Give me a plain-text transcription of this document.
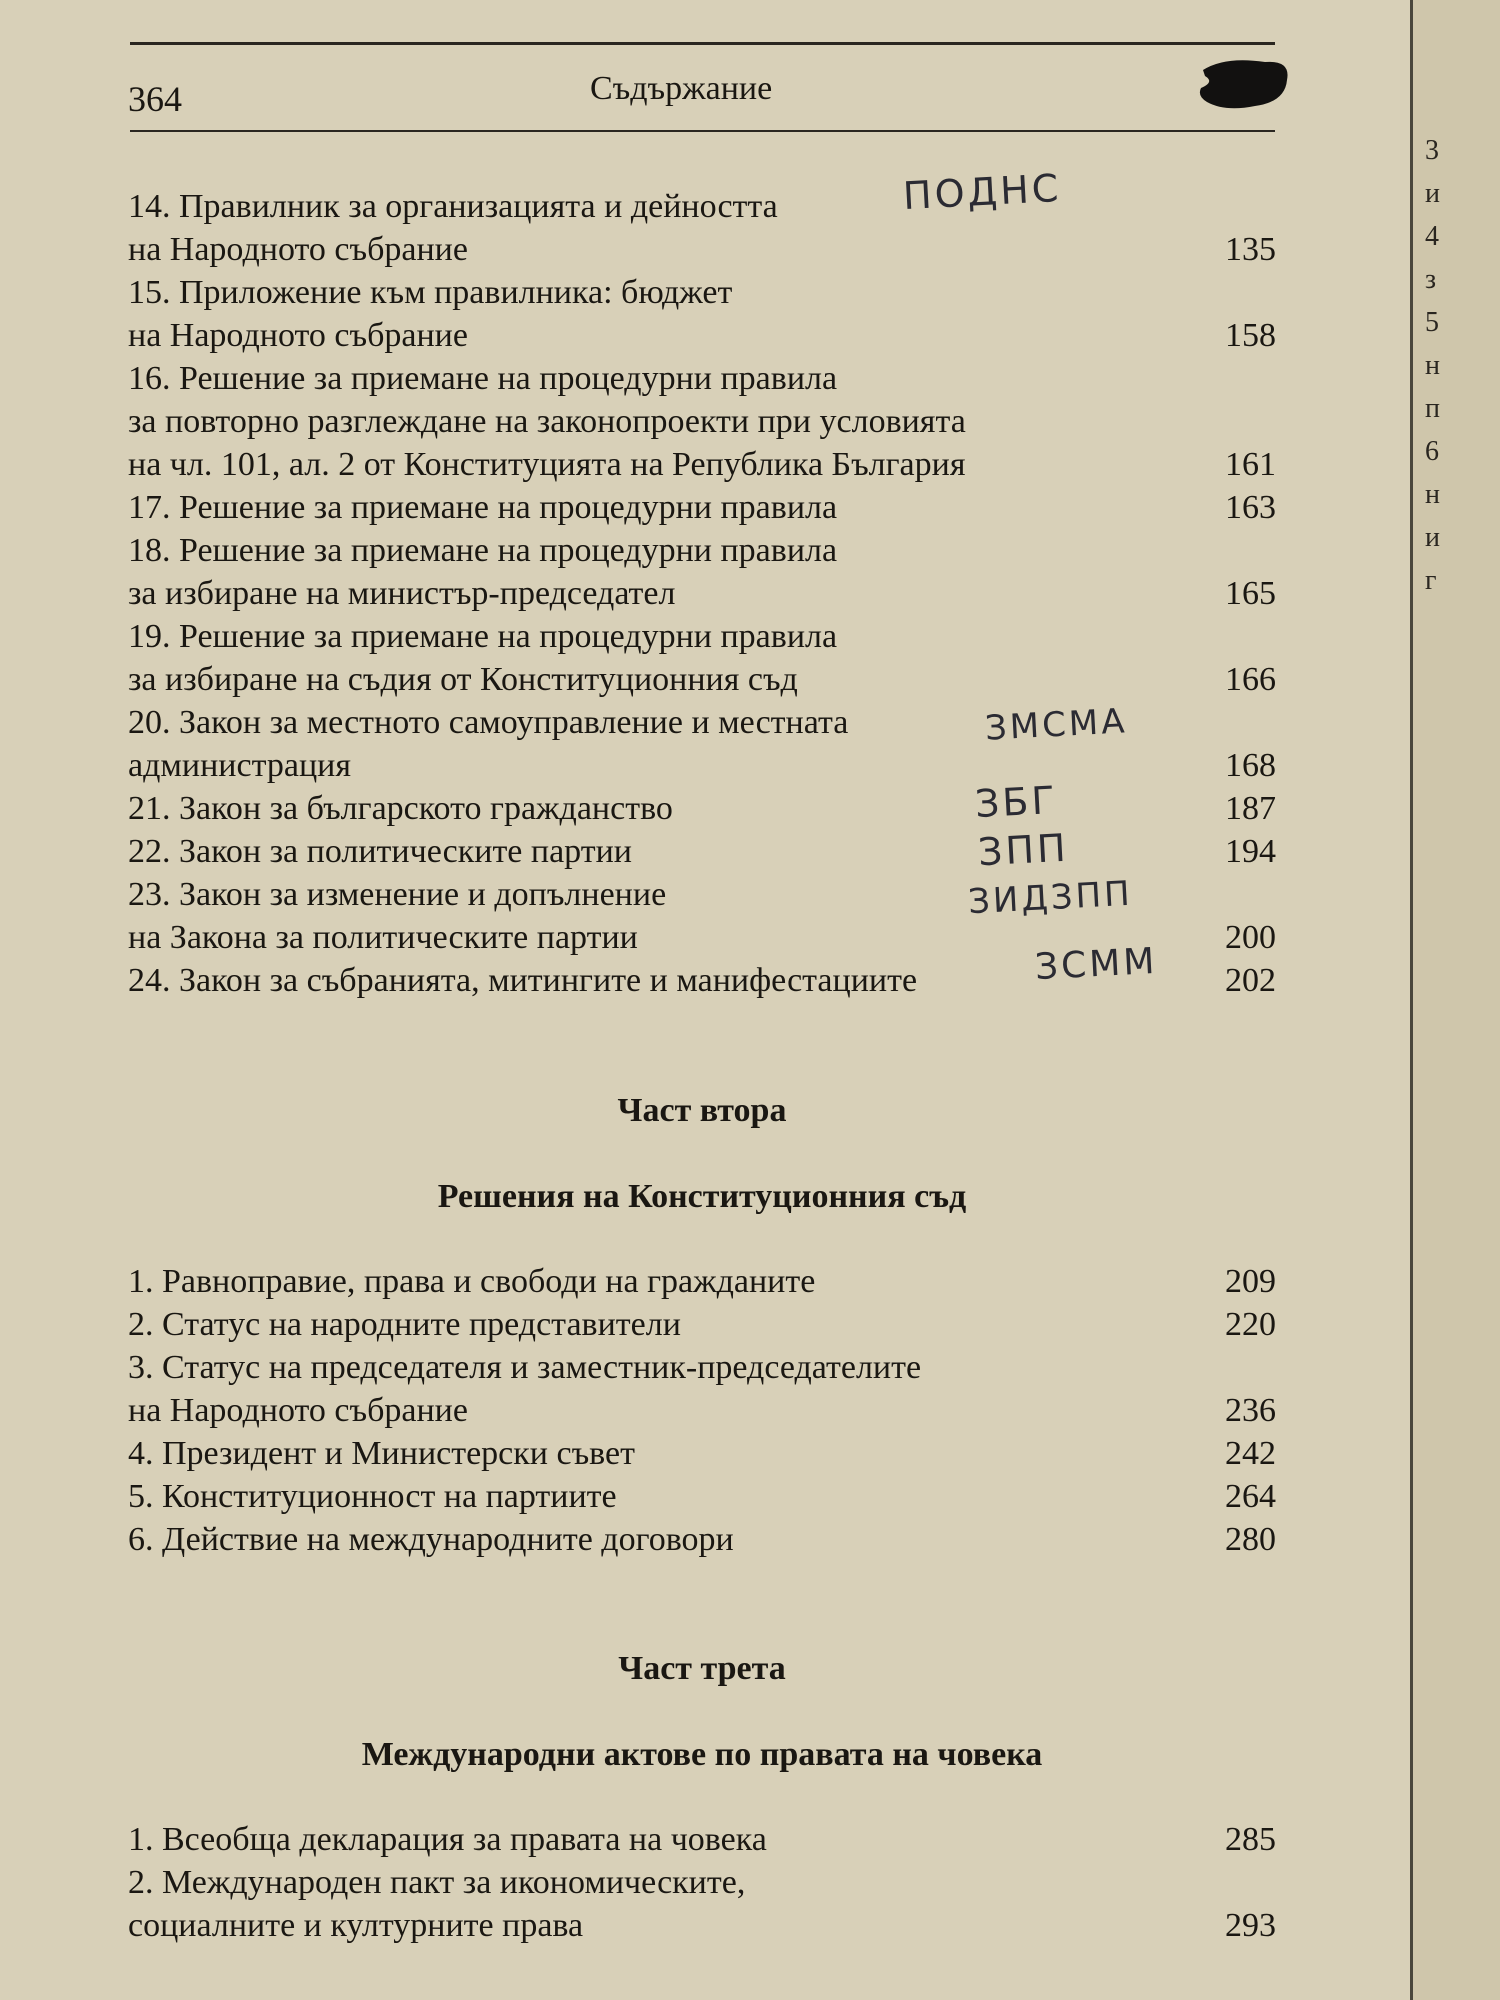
364	Съдържание
14. Правилник за организацията и дейността
на Народното събрание	135
15. Приложение към правилника: бюджет
на Народното събрание	158
16. Решение за приемане на процедурни правила
за повторно разглеждане на законопроекти при условията
на чл. 101, ал. 2 от Конституцията на Република България	161
17. Решение за приемане на процедурни правила	163
18. Решение за приемане на процедурни правила
за избиране на министър-председател	165
19. Решение за приемане на процедурни правила
за избиране на съдия от Конституционния съд	166
20. Закон за местното самоуправление и местната
администрация	168
21. Закон за българското гражданство	187
22. Закон за политическите партии	194
23. Закон за изменение и допълнение
на Закона за политическите партии	200
24. Закон за събранията, митингите и манифестациите	202
Част втора
Решения на Конституционния съд
1. Равноправие, права и свободи на гражданите	209
2. Статус на народните представители	220
3. Статус на председателя и заместник-председателите
на Народното събрание	236
4. Президент и Министерски съвет	242
5. Конституционност на партиите	264
6. Действие на международните договори	280
Част трета
Международни актове по правата на човека
1. Всеобща декларация за правата на човека	285
2. Международен пакт за икономическите,
социалните и културните права	293
ПОДНС
ЗМСМА
ЗБГ
ЗПП
ЗИДЗПП
ЗСММ
3
и
4
з
5
н
п
6
н
и
г
